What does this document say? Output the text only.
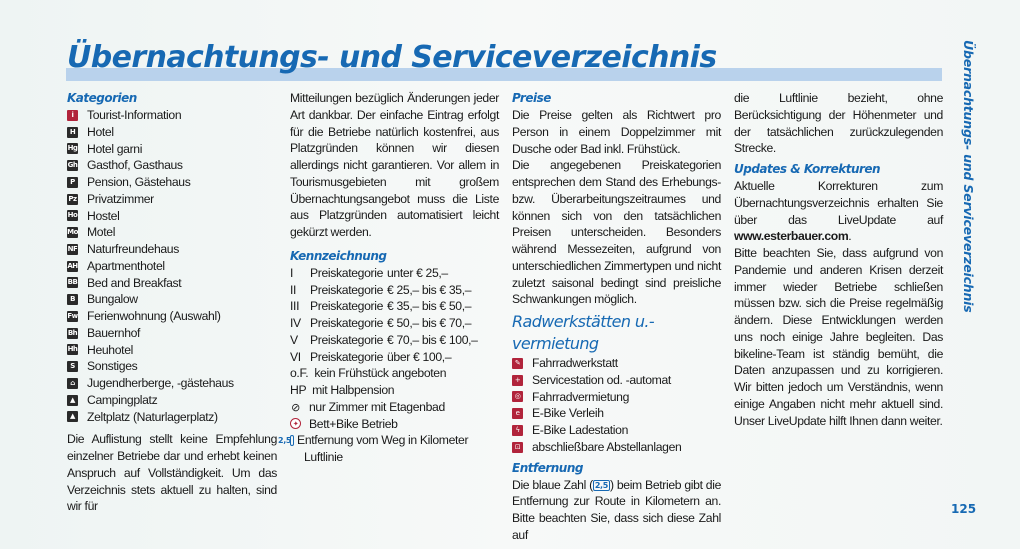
Übernachtungs- und Serviceverzeichnis	Übernachtungs- und Serviceverzeichnis
125
Kategorien
i	Tourist-Information
H Hotel
Hg Hotel garni
Gh Gasthof, Gasthaus
P Pension, Gästehaus
Pz Privatzimmer
Ho Hostel
Mo Motel
NF Naturfreundehaus
AH Apartmenthotel
BB Bed and Breakfast
B Bungalow
Fw Ferienwohnung (Auswahl)
Bh Bauernhof
Hh Heuhotel
S Sonstiges
⌂ Jugendherberge, -gästehaus
▲ Campingplatz
▲ Zeltplatz (Naturlagerplatz)

Die Auflistung stellt keine Empfehlung einzelner Betriebe dar und erhebt keinen Anspruch auf Vollständigkeit. Um das Verzeichnis stets aktuell zu halten, sind wir für

Mitteilungen bezüglich Änderungen jeder Art dankbar. Der einfache Eintrag erfolgt für die Betriebe natürlich kostenfrei, aus Platzgründen können wir diesen allerdings nicht garantieren. Vor allem in Tourismusgebieten mit großem Übernachtungsangebot muss die Liste aus Platzgründen automatisiert leicht gekürzt werden.

Kennzeichnung
I	Preiskategorie unter € 25,–
II	Preiskategorie € 25,– bis € 35,–
III Preiskategorie € 35,– bis € 50,–
IV Preiskategorie € 50,– bis € 70,–
V	Preiskategorie € 70,– bis € 100,–
VI Preiskategorie über € 100,–
o.F.  kein Frühstück angeboten
HP  mit Halbpension
⊘ nur Zimmer mit Etagenbad
✦ Bett+Bike Betrieb
2,5 Entfernung vom Weg in Kilometer Luftlinie
Preise

Die Preise gelten als Richtwert pro Person in einem Doppelzimmer mit Dusche oder Bad inkl. Frühstück.

Die angegebenen Preiskategorien entsprechen dem Stand des Erhebungs- bzw. Überarbeitungszeitraumes und können sich von den tatsächlichen Preisen unterscheiden. Besonders während Messezeiten, aufgrund von unterschiedlichen Zimmertypen und nicht zuletzt saisonal bedingt sind preisliche Schwankungen möglich.

Radwerkstätten u.-vermietung
✎ Fahrradwerkstatt
+ Servicestation od. -automat
◎ Fahrradvermietung
e E-Bike Verleih
ϟ E-Bike Ladestation
⊡ abschließbare Abstellanlagen
Entfernung

Die blaue Zahl ( 2,5 ) beim Betrieb gibt die Entfernung zur Route in Kilometern an. Bitte beachten Sie, dass sich diese Zahl auf

die Luftlinie bezieht, ohne Berücksichtigung der Höhenmeter und der tatsächlichen zurückzulegenden Strecke.

Updates & Korrekturen

Aktuelle Korrekturen zum Übernachtungsverzeichnis erhalten Sie über das LiveUpdate auf www.esterbauer.com.

Bitte beachten Sie, dass aufgrund von Pandemie und anderen Krisen derzeit immer wieder Betriebe schließen müssen bzw. sich die Preise regelmäßig ändern. Diese Entwicklungen werden uns noch einige Jahre begleiten. Das bikeline-Team ist ständig bemüht, die Daten anzupassen und zu korrigieren. Wir bitten jedoch um Verständnis, wenn einige Angaben nicht mehr aktuell sind. Unser LiveUpdate hilft Ihnen dann weiter.
